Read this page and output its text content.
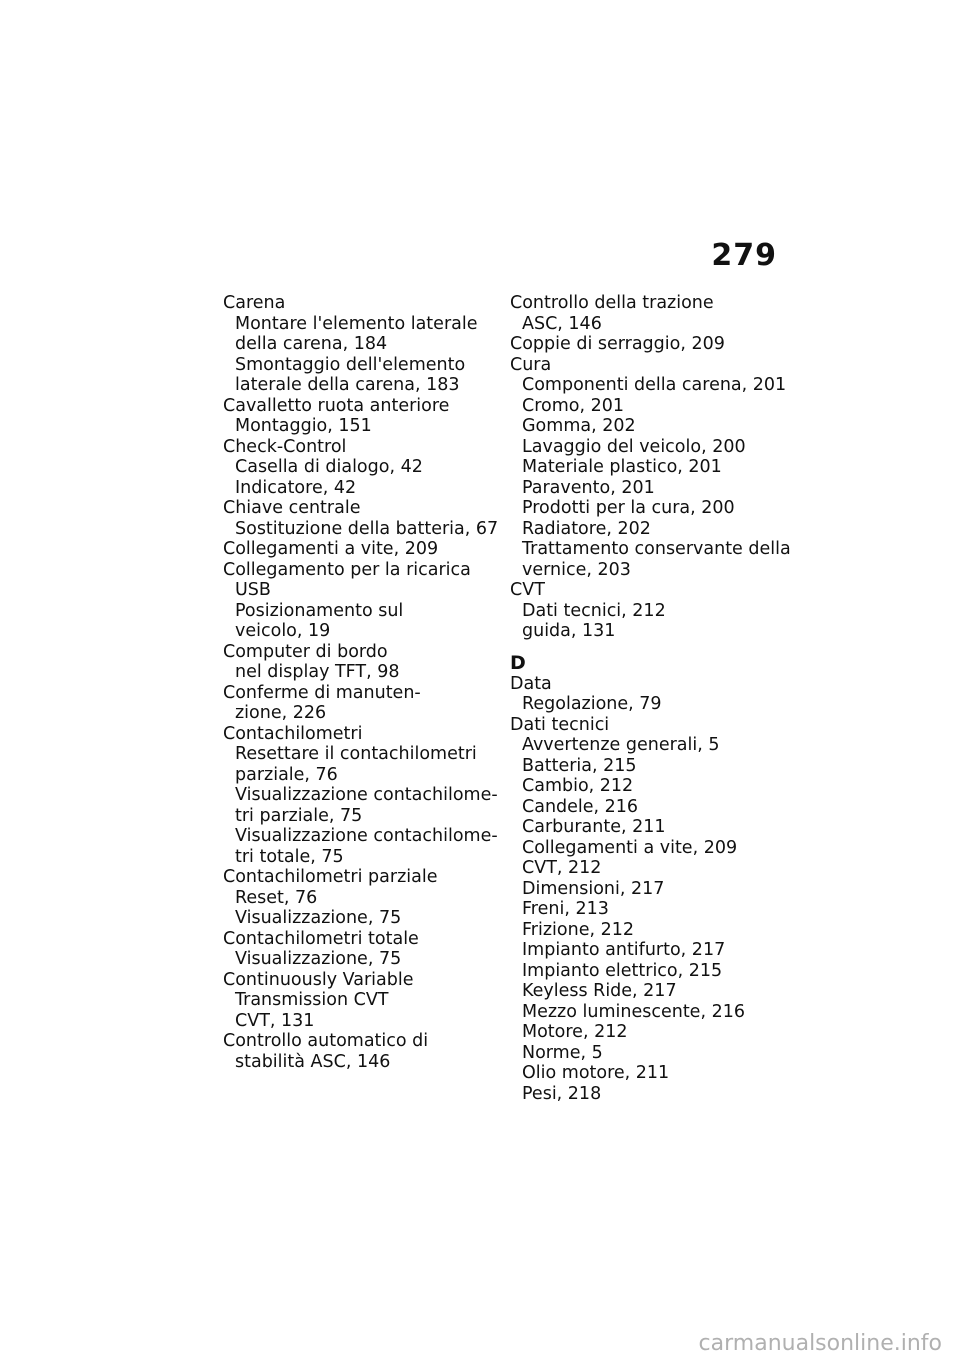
279
Carena
Montare l'elemento laterale
della carena, 184
Smontaggio dell'elemento
laterale della carena, 183
Cavalletto ruota anteriore
Montaggio, 151
Check-Control
Casella di dialogo, 42
Indicatore, 42
Chiave centrale
Sostituzione della batteria, 67
Collegamenti a vite, 209
Collegamento per la ricarica
USB
Posizionamento sul
veicolo, 19
Computer di bordo
nel display TFT, 98
Conferme di manuten-
zione, 226
Contachilometri
Resettare il contachilometri
parziale, 76
Visualizzazione contachilome-
tri parziale, 75
Visualizzazione contachilome-
tri totale, 75
Contachilometri parziale
Reset, 76
Visualizzazione, 75
Contachilometri totale
Visualizzazione, 75
Continuously Variable
Transmission CVT
CVT, 131
Controllo automatico di
stabilità ASC, 146
Controllo della trazione
ASC, 146
Coppie di serraggio, 209
Cura
Componenti della carena, 201
Cromo, 201
Gomma, 202
Lavaggio del veicolo, 200
Materiale plastico, 201
Paravento, 201
Prodotti per la cura, 200
Radiatore, 202
Trattamento conservante della
vernice, 203
CVT
Dati tecnici, 212
guida, 131
D
Data
Regolazione, 79
Dati tecnici
Avvertenze generali, 5
Batteria, 215
Cambio, 212
Candele, 216
Carburante, 211
Collegamenti a vite, 209
CVT, 212
Dimensioni, 217
Freni, 213
Frizione, 212
Impianto antifurto, 217
Impianto elettrico, 215
Keyless Ride, 217
Mezzo luminescente, 216
Motore, 212
Norme, 5
Olio motore, 211
Pesi, 218
carmanualsonline.info
